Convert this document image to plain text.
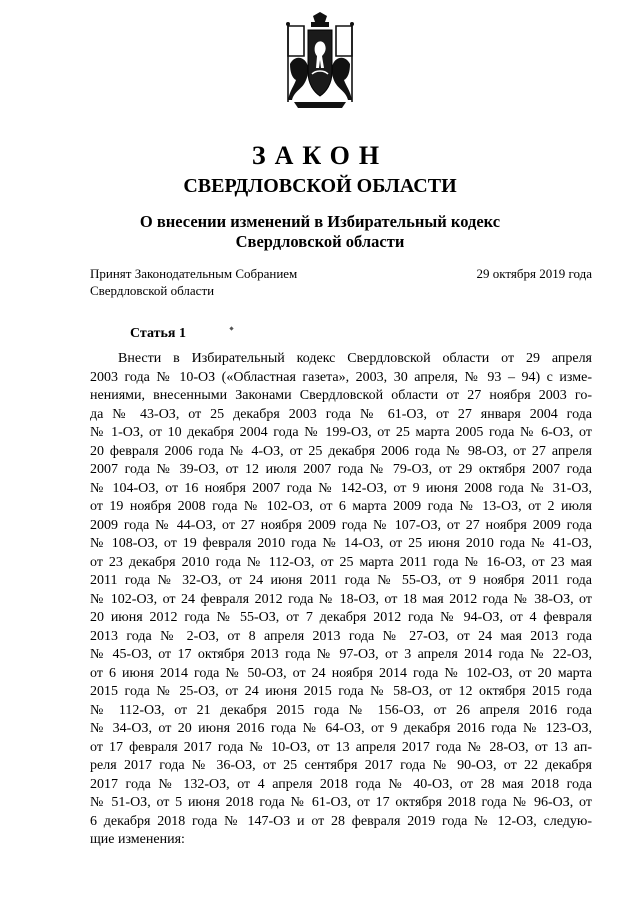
ЗАКОН
СВЕРДЛОВСКОЙ ОБЛАСТИ
О внесении изменений в Избирательный кодекс
Свердловской области
Принят Законодательным Собранием
Свердловской области
29 октября 2019 года
Статья 1
Внести в Избирательный кодекс Свердловской области от 29 апреля
2003 года № 10-ОЗ («Областная газета», 2003, 30 апреля, № 93 – 94) с изме-
нениями, внесенными Законами Свердловской области от 27 ноября 2003 го-
да № 43-ОЗ, от 25 декабря 2003 года № 61-ОЗ, от 27 января 2004 года
№ 1-ОЗ, от 10 декабря 2004 года № 199-ОЗ, от 25 марта 2005 года № 6-ОЗ, от
20 февраля 2006 года № 4-ОЗ, от 25 декабря 2006 года № 98-ОЗ, от 27 апреля
2007 года № 39-ОЗ, от 12 июля 2007 года № 79-ОЗ, от 29 октября 2007 года
№ 104-ОЗ, от 16 ноября 2007 года № 142-ОЗ, от 9 июня 2008 года № 31-ОЗ,
от 19 ноября 2008 года № 102-ОЗ, от 6 марта 2009 года № 13-ОЗ, от 2 июля
2009 года № 44-ОЗ, от 27 ноября 2009 года № 107-ОЗ, от 27 ноября 2009 года
№ 108-ОЗ, от 19 февраля 2010 года № 14-ОЗ, от 25 июня 2010 года № 41-ОЗ,
от 23 декабря 2010 года № 112-ОЗ, от 25 марта 2011 года № 16-ОЗ, от 23 мая
2011 года № 32-ОЗ, от 24 июня 2011 года № 55-ОЗ, от 9 ноября 2011 года
№ 102-ОЗ, от 24 февраля 2012 года № 18-ОЗ, от 18 мая 2012 года № 38-ОЗ, от
20 июня 2012 года № 55-ОЗ, от 7 декабря 2012 года № 94-ОЗ, от 4 февраля
2013 года № 2-ОЗ, от 8 апреля 2013 года № 27-ОЗ, от 24 мая 2013 года
№ 45-ОЗ, от 17 октября 2013 года № 97-ОЗ, от 3 апреля 2014 года № 22-ОЗ,
от 6 июня 2014 года № 50-ОЗ, от 24 ноября 2014 года № 102-ОЗ, от 20 марта
2015 года № 25-ОЗ, от 24 июня 2015 года № 58-ОЗ, от 12 октября 2015 года
№ 112-ОЗ, от 21 декабря 2015 года № 156-ОЗ, от 26 апреля 2016 года
№ 34-ОЗ, от 20 июня 2016 года № 64-ОЗ, от 9 декабря 2016 года № 123-ОЗ,
от 17 февраля 2017 года № 10-ОЗ, от 13 апреля 2017 года № 28-ОЗ, от 13 ап-
реля 2017 года № 36-ОЗ, от 25 сентября 2017 года № 90-ОЗ, от 22 декабря
2017 года № 132-ОЗ, от 4 апреля 2018 года № 40-ОЗ, от 28 мая 2018 года
№ 51-ОЗ, от 5 июня 2018 года № 61-ОЗ, от 17 октября 2018 года № 96-ОЗ, от
6 декабря 2018 года № 147-ОЗ и от 28 февраля 2019 года № 12-ОЗ, следую-
щие изменения:
